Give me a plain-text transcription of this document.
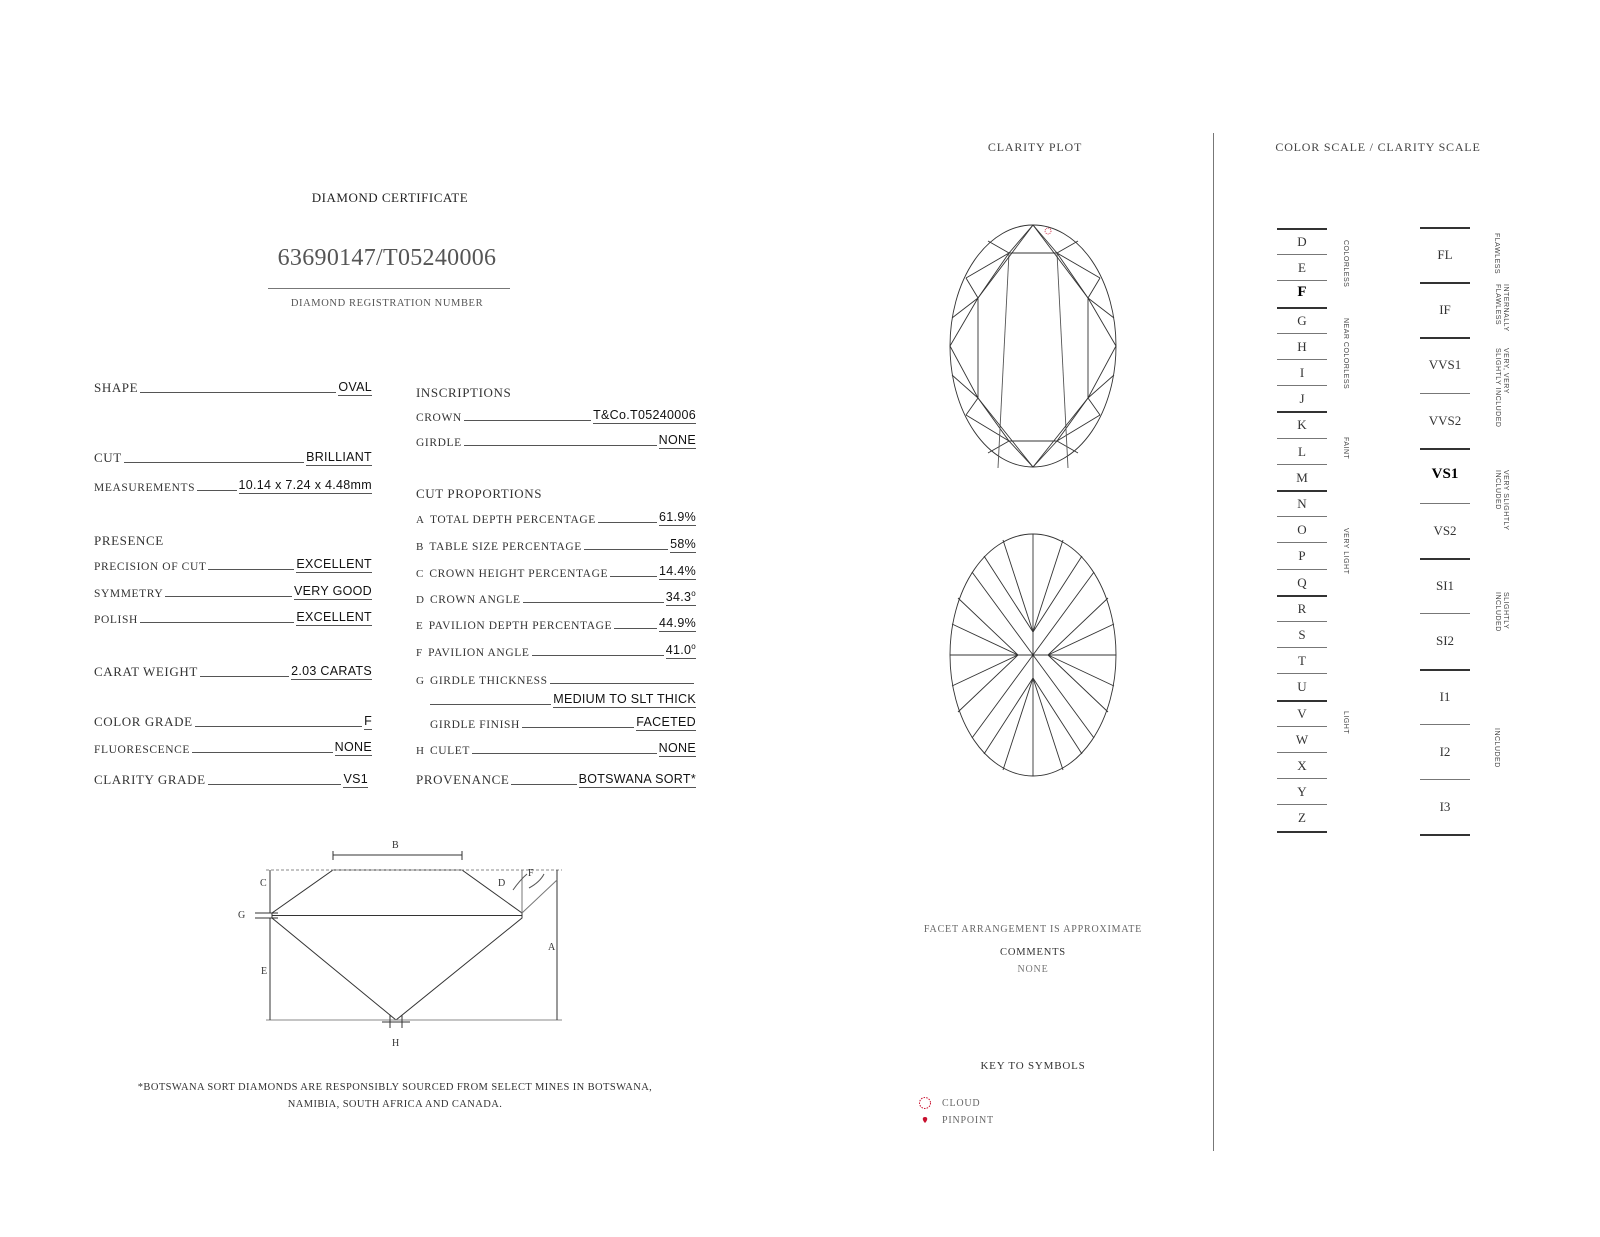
DIAMOND CERTIFICATE
63690147/T05240006
DIAMOND REGISTRATION NUMBER
SHAPE	OVAL
CUT	BRILLIANT
MEASUREMENTS	10.14 x 7.24 x 4.48mm
PRESENCE
PRECISION OF CUT	EXCELLENT
SYMMETRY	VERY GOOD
POLISH	EXCELLENT
CARAT WEIGHT	2.03 CARATS
COLOR GRADE	F
FLUORESCENCE	NONE
CLARITY GRADE	VS1
INSCRIPTIONS
CROWN	T&Co.T05240006
GIRDLE	NONE
CUT PROPORTIONS
A TOTAL DEPTH PERCENTAGE	61.9%
B TABLE SIZE PERCENTAGE	58%
C CROWN HEIGHT PERCENTAGE	14.4%
D CROWN ANGLE	34.3$^o$
E PAVILION DEPTH PERCENTAGE	44.9%
F PAVILION ANGLE	41.0$^o$
G GIRDLE THICKNESS
MEDIUM TO SLT THICK
GIRDLE FINISH	FACETED
H CULET	NONE
PROVENANCE	BOTSWANA SORT*
B
C	D
F
G
A
E
H
*BOTSWANA SORT DIAMONDS ARE RESPONSIBLY SOURCED FROM SELECT MINES IN BOTSWANA,
NAMIBIA, SOUTH AFRICA AND CANADA.
CLARITY PLOT
FACET ARRANGEMENT IS APPROXIMATE
COMMENTS
NONE
KEY TO SYMBOLS
CLOUD
PINPOINT
COLOR SCALE / CLARITY SCALE
D
E
F
G
H
I
J
K
L
M
N
O
P
Q
R
S
T
U
V
W
X
Y
Z
FL
IF
VVS1
VVS2
VS1
VS2
SI1
SI2
I1
I2
I3
COLORLESS
NEAR COLORLESS
FAINT
VERY LIGHT
LIGHT
FLAWLESS
INTERNALLY
FLAWLESS
VERY, VERY
SLIGHTLY INCLUDED
VERY SLIGHTLY
INCLUDED
SLIGHTLY
INCLUDED
INCLUDED
